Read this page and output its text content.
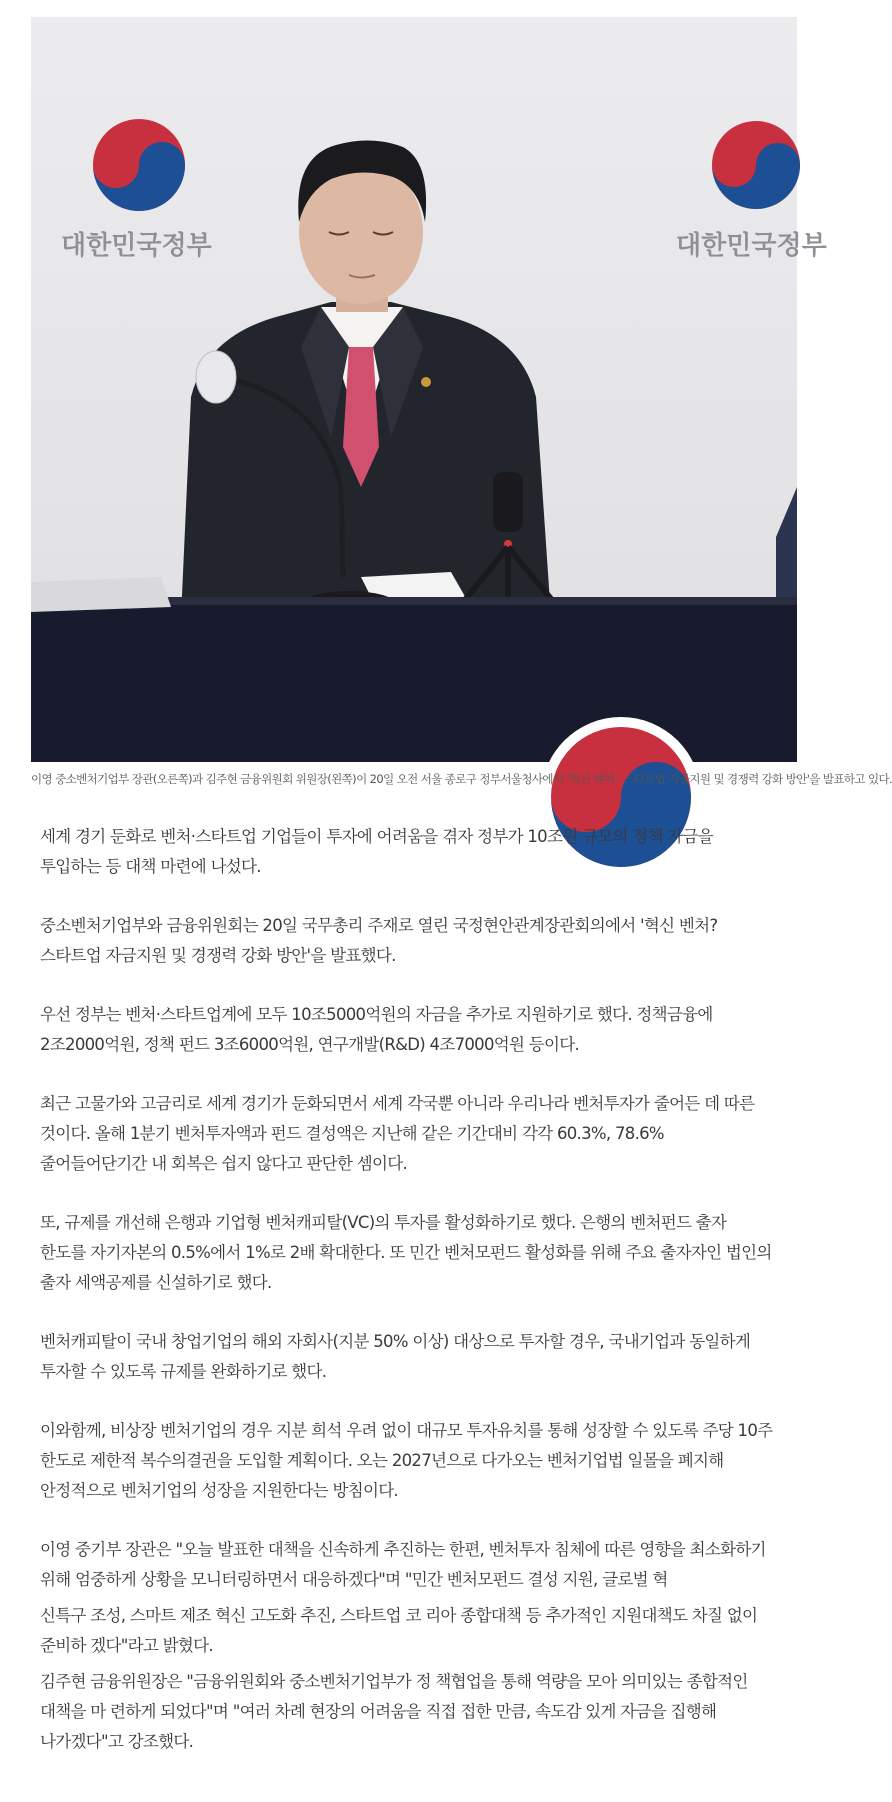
대한민국정부	대한민국정부
이영 중소벤처기업부 장관(오른쪽)과 김주현 금융위원회 위원장(왼쪽)이 20일 오전 서울 종로구 정부서울청사에서 '혁신 벤처 · 스타트업 자금지원 및 경쟁력 강화 방안'을 발표하고 있다.

세계 경기 둔화로 벤처·스타트업 기업들이 투자에 어려움을 겪자 정부가 10조원 규모의 정책 자금을 투입하는 등 대책 마련에 나섰다.

중소벤처기업부와 금융위원회는 20일 국무총리 주재로 열린 국정현안관계장관회의에서 '혁신 벤처?스타트업 자금지원 및 경쟁력 강화 방안'을 발표했다.

우선 정부는 벤처·스타트업계에 모두 10조5000억원의 자금을 추가로 지원하기로 했다. 정책금융에 2조2000억원, 정책 펀드 3조6000억원, 연구개발(R&D) 4조7000억원 등이다.

최근 고물가와 고금리로 세계 경기가 둔화되면서 세계 각국뿐 아니라 우리나라 벤처투자가 줄어든 데 따른 것이다. 올해 1분기 벤처투자액과 펀드 결성액은 지난해 같은 기간대비 각각 60.3%, 78.6% 줄어들어단기간 내 회복은 쉽지 않다고 판단한 셈이다.

또, 규제를 개선해 은행과 기업형 벤처캐피탈(VC)의 투자를 활성화하기로 했다. 은행의 벤처펀드 출자 한도를 자기자본의 0.5%에서 1%로 2배 확대한다. 또 민간 벤처모펀드 활성화를 위해 주요 출자자인 법인의 출자 세액공제를 신설하기로 했다.

벤처캐피탈이 국내 창업기업의 해외 자회사(지분 50% 이상) 대상으로 투자할 경우, 국내기업과 동일하게 투자할 수 있도록 규제를 완화하기로 했다.

이와함께, 비상장 벤처기업의 경우 지분 희석 우려 없이 대규모 투자유치를 통해 성장할 수 있도록 주당 10주 한도로 제한적 복수의결권을 도입할 계획이다. 오는 2027년으로 다가오는 벤처기업법 일몰을 폐지해 안정적으로 벤처기업의 성장을 지원한다는 방침이다.

이영 중기부 장관은 "오늘 발표한 대책을 신속하게 추진하는 한편, 벤처투자 침체에 따른 영향을 최소화하기 위해 엄중하게 상황을 모니터링하면서 대응하겠다"며 "민간 벤처모펀드 결성 지원, 글로벌 혁

신특구 조성, 스마트 제조 혁신 고도화 추진, 스타트업 코 리아 종합대책 등 추가적인 지원대책도 차질 없이 준비하 겠다"라고 밝혔다.

김주현 금융위원장은 "금융위원회와 중소벤처기업부가 정 책협업을 통해 역량을 모아 의미있는 종합적인 대책을 마 련하게 되었다"며 "여러 차례 현장의 어려움을 직접 접한 만큼, 속도감 있게 자금을 집행해 나가겠다"고 강조했다.
